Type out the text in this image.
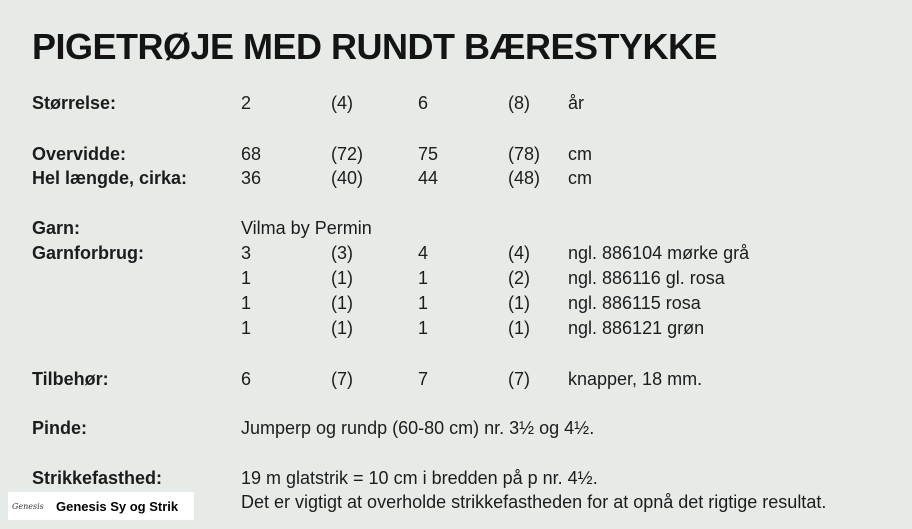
PIGETRØJE MED RUNDT BÆRESTYKKE
Størrelse:	2	(4)	6	(8) år
Overvidde:	68	(72)	75	(78) cm
Hel længde, cirka:	36	(40)	44	(48) cm
Garn:	Vilma by Permin
Garnforbrug:	3	(3)	4	(4) ngl. 886104 mørke grå
1	(1)	1	(2) ngl. 886116 gl. rosa
1	(1)	1	(1) ngl. 886115 rosa
1	(1)	1	(1) ngl. 886121 grøn
Tilbehør:	6	(7)	7	(7) knapper, 18 mm.
Pinde:	Jumperp og rundp (60-80 cm) nr. 3½ og 4½.
Strikkefasthed:	19 m glatstrik = 10 cm i bredden på p nr. 4½.
Det er vigtigt at overholde strikkefastheden for at opnå det rigtige resultat.
Genesis Genesis Sy og Strik
